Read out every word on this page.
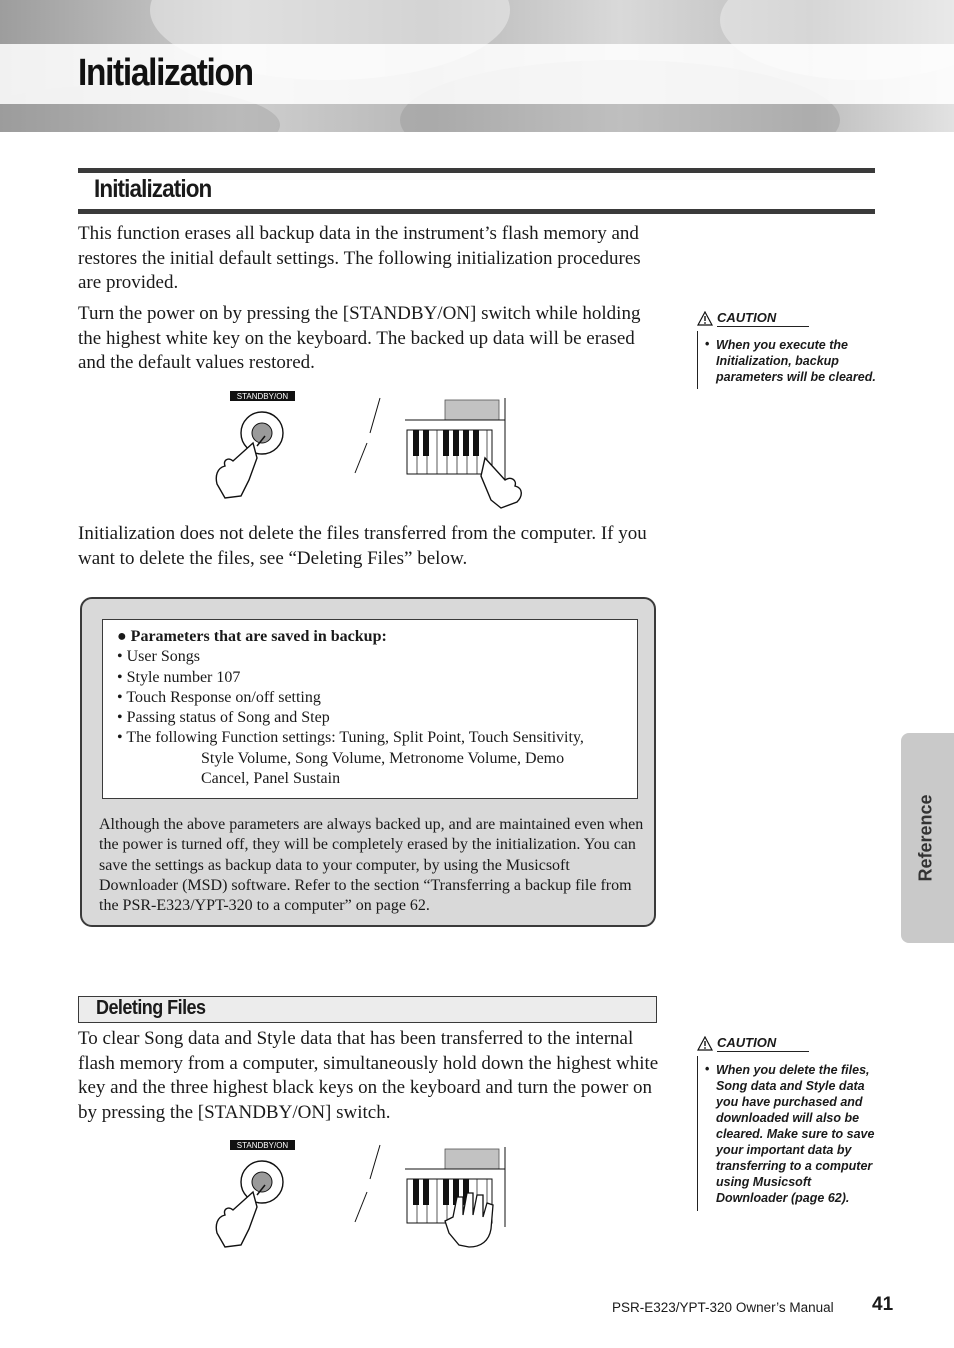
Initialization
Initialization
This function erases all backup data in the instrument’s flash memory and restores the initial default settings. The following initialization procedures are provided.
Turn the power on by pressing the [STANDBY/ON] switch while holding the highest white key on the keyboard. The backed up data will be erased and the default values restored.
STANDBY/ON
Initialization does not delete the files transferred from the computer. If you want to delete the files, see “Deleting Files” below.
CAUTION
• When you execute the Initialization, backup parameters will be cleared.
● Parameters that are saved in backup:
• User Songs
• Style number 107
• Touch Response on/off setting
• Passing status of Song and Step
• The following Function settings: Tuning, Split Point, Touch Sensitivity,
Style Volume, Song Volume, Metronome Volume, Demo
Cancel, Panel Sustain
Although the above parameters are always backed up, and are maintained even when the power is turned off, they will be completely erased by the initialization. You can save the settings as backup data to your computer, by using the Musicsoft Downloader (MSD) software. Refer to the section “Transferring a backup file from the PSR-E323/YPT-320 to a computer” on page 62.
Deleting Files
To clear Song data and Style data that has been transferred to the internal flash memory from a computer, simultaneously hold down the highest white key and the three highest black keys on the keyboard and turn the power on by pressing the [STANDBY/ON] switch.
CAUTION
• When you delete the files, Song data and Style data you have purchased and downloaded will also be cleared. Make sure to save your important data by transferring to a computer using Musicsoft Downloader (page 62).
STANDBY/ON
Reference
PSR-E323/YPT-320 Owner’s Manual 41
